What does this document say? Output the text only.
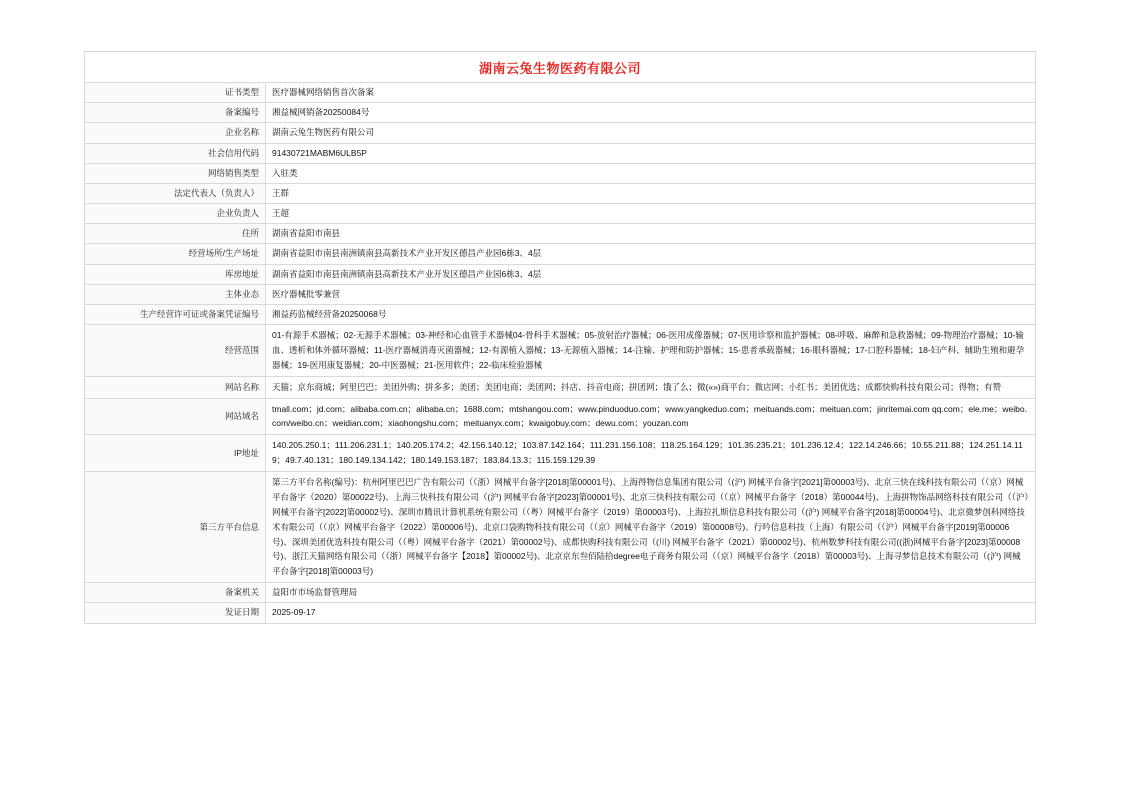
湖南云兔生物医药有限公司
证书类型	医疗器械网络销售首次备案
备案编号	湘益械网销备20250084号
企业名称	湖南云兔生物医药有限公司
社会信用代码	91430721MABM6ULB5P
网络销售类型	入驻类
法定代表人（负责人）	王群
企业负责人	王超
住所	湖南省益阳市南县
经营场所/生产场址	湖南省益阳市南县南洲镇南县高新技术产业开发区德昌产业园6栋3、4层
库房地址	湖南省益阳市南县南洲镇南县高新技术产业开发区德昌产业园6栋3、4层
主体业态	医疗器械批零兼营
生产经营许可证或备案凭证编号	湘益药监械经营备20250068号
经营范围	01-有源手术器械；02-无源手术器械；03-神经和心血管手术器械04-骨科手术器械；05-放射治疗器械；06-医用成像器械；07-医用诊察和监护器械；08-呼吸、麻醉和急救器械；09-物理治疗器械；10-输血、透析和体外循环器械；11-医疗器械消毒灭菌器械；12-有源植入器械；13-无源植入器械；14-注输、护理和防护器械；15-患者承载器械；16-眼科器械；17-口腔科器械；18-妇产科、辅助生殖和避孕器械；19-医用康复器械；20-中医器械；21-医用软件；22-临床检验器械
网站名称	天猫；京东商城；阿里巴巴；美团外购；拼多多；美团；美团电商；美团网；抖店、抖音电商；拼团网；饿了么；微(«»)商平台；微店网；小红书；美团优选；成都快购科技有限公司；得物；有赞
网站域名	tmall.com；jd.com；alibaba.com.cn；alibaba.cn；1688.com；mtshangou.com；www.pinduoduo.com；www.yangkeduo.com；meituands.com；meituan.com；jinritemai.com qq.com；ele.me；weibo.com/weibo.cn；weidian.com；xiaohongshu.com；meituanyx.com；kwaigobuy.com；dewu.com；youzan.com
IP地址	140.205.250.1；111.206.231.1；140.205.174.2；42.156.140.12；103.87.142.164；111.231.156.108；118.25.164.129；101.35.235.21；101.236.12.4；122.14.246.66；10.55.211.88；124.251.14.119；49.7.40.131；180.149.134.142；180.149.153.187；183.84.13.3；115.159.129.39
第三方平台信息	第三方平台名称(编号)：杭州阿里巴巴广告有限公司（（浙）网械平台备字[2018]第00001号)、上海得物信息集团有限公司（(沪) 网械平台备字[2021]第00003号)、北京三快在线科技有限公司（（京）网械平台备字（2020）第00022号)、上海三快科技有限公司（(沪) 网械平台备字[2023]第00001号)、北京三快科技有限公司（（京）网械平台备字（2018）第00044号)、上海拼物饰品网络科技有限公司（（沪）网械平台备字[2022]第00002号)、深圳市腾讯计算机系统有限公司（（粤）网械平台备字（2019）第00003号)、上海拉扎斯信息科技有限公司（(沪) 网械平台备字[2018]第00004号)、北京微梦创科网络技术有限公司（（京）网械平台备字（2022）第00006号)、北京口袋购物科技有限公司（（京）网械平台备字（2019）第00008号)、行吟信息科技（上海）有限公司（（沪）网械平台备字[2019]第00006号)、深圳美团优选科技有限公司（（粤）网械平台备字（2021）第00002号)、成都快购科技有限公司（(川) 网械平台备字（2021）第00002号)、杭州数梦科技有限公司((浙)网械平台备字[2023]第00008号)、浙江天猫网络有限公司（（浙）网械平台备字【2018】第00002号)、北京京东叁佰陆拾degree电子商务有限公司（（京）网械平台备字（2018）第00003号)、上海寻梦信息技术有限公司（(沪) 网械平台备字[2018]第00003号)
备案机关	益阳市市场监督管理局
发证日期	2025-09-17
